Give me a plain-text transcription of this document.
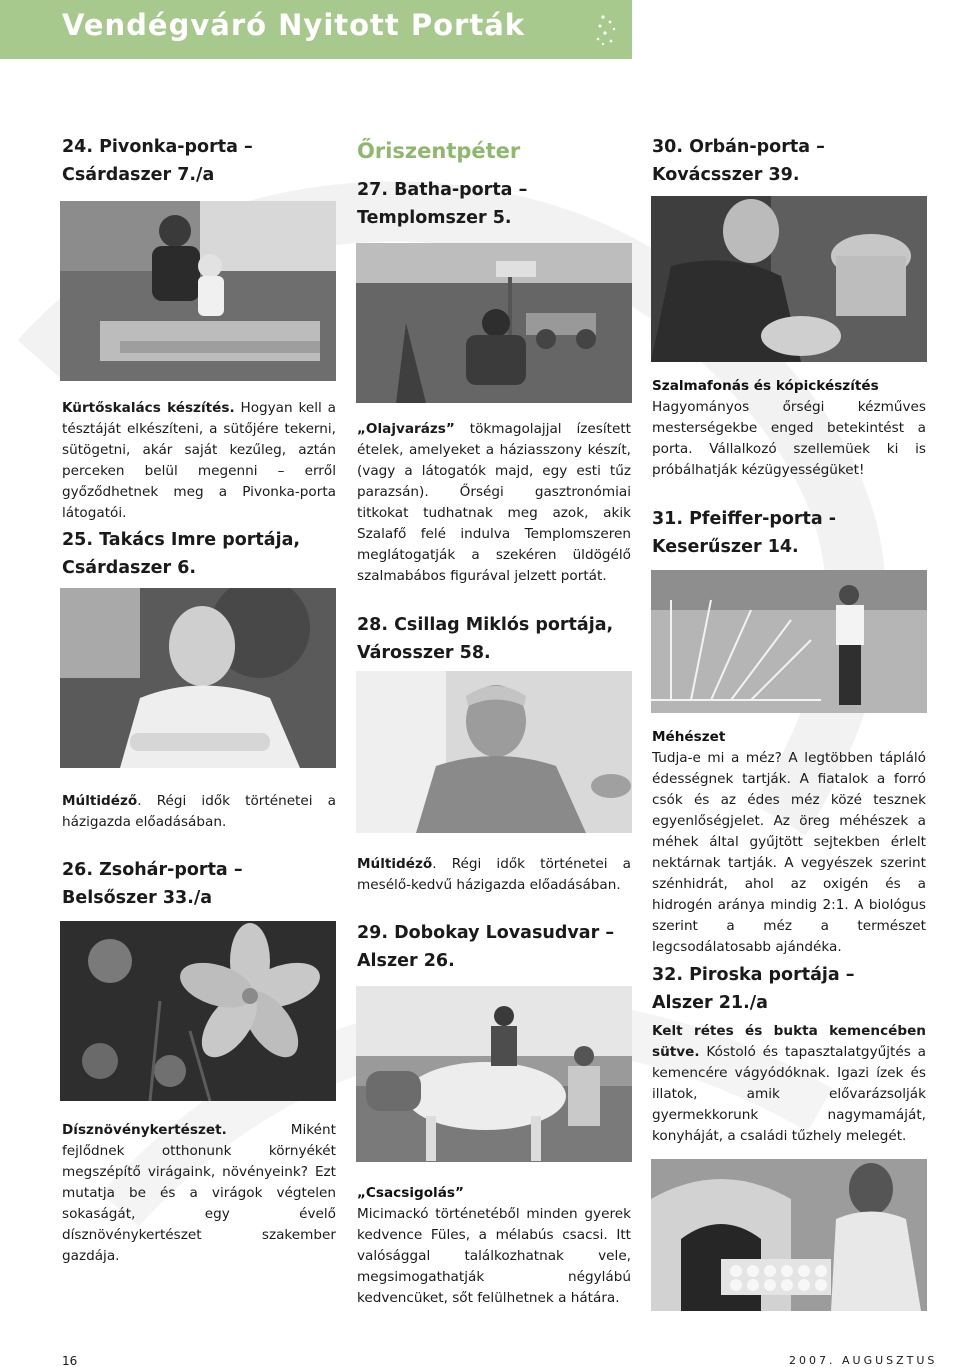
Vendégváró Nyitott Porták
24. Pivonka-porta –
Csárdaszer 7./a
Kürtőskalács készítés. Hogyan kell a tésztáját elkészíteni, a sütőjére tekerni, sütögetni, akár saját kezűleg, aztán perceken belül megenni – erről győződhetnek meg a Pivonka-porta látogatói.
25. Takács Imre portája,
Csárdaszer 6.
Múltidéző. Régi idők történetei a házigazda előadásában.
26. Zsohár-porta –
Belsőszer 33./a
Dísznövénykertészet. Miként fejlődnek otthonunk környékét megszépítő virágaink, növényeink? Ezt mutatja be és a virágok végtelen sokaságát, egy évelő dísznövénykertészet szakember gazdája.
Őriszentpéter
27. Batha-porta –
Templomszer 5.
„Olajvarázs” tökmagolajjal ízesített ételek, amelyeket a háziasszony készít, (vagy a látogatók majd, egy esti tűz parazsán). Őrségi gasztronómiai titkokat tudhatnak meg azok, akik Szalafő felé indulva Templomszeren meglátogatják a szekéren üldögélő szalmabábos figurával jelzett portát.
28. Csillag Miklós portája,
Városszer 58.
Múltidéző. Régi idők történetei a mesélő-kedvű házigazda előadásában.
29. Dobokay Lovasudvar –
Alszer 26.
„Csacsigolás”
Micimackó történetéből minden gyerek kedvence Füles, a mélabús csacsi. Itt valósággal találkozhatnak vele, megsimogathatják négylábú kedvencüket, sőt felülhetnek a hátára.
30. Orbán-porta –
Kovácsszer 39.
Szalmafonás és kópickészítés
Hagyományos őrségi kézműves mesterségekbe enged betekintést a porta. Vállalkozó szellemüek ki is próbálhatják kézügyességüket!
31. Pfeiffer-porta -
Keserűszer 14.
Méhészet
Tudja-e mi a méz? A legtöbben tápláló édességnek tartják. A fiatalok a forró csók és az édes méz közé tesznek egyenlőségjelet. Az öreg méhészek a méhek által gyűjtött sejtekben érlelt nektárnak tartják. A vegyészek szerint szénhidrát, ahol az oxigén és a hidrogén aránya mindig 2:1. A biológus szerint a méz a természet legcsodálatosabb ajándéka.
32. Piroska portája –
Alszer 21./a
Kelt rétes és bukta kemencében sütve. Kóstoló és tapasztalatgyűjtés a kemencére vágyódóknak. Igazi ízek és illatok, amik elővarázsolják gyermekkorunk nagymamáját, konyháját, a családi tűzhely melegét.
16	2007. AUGUSZTUS
